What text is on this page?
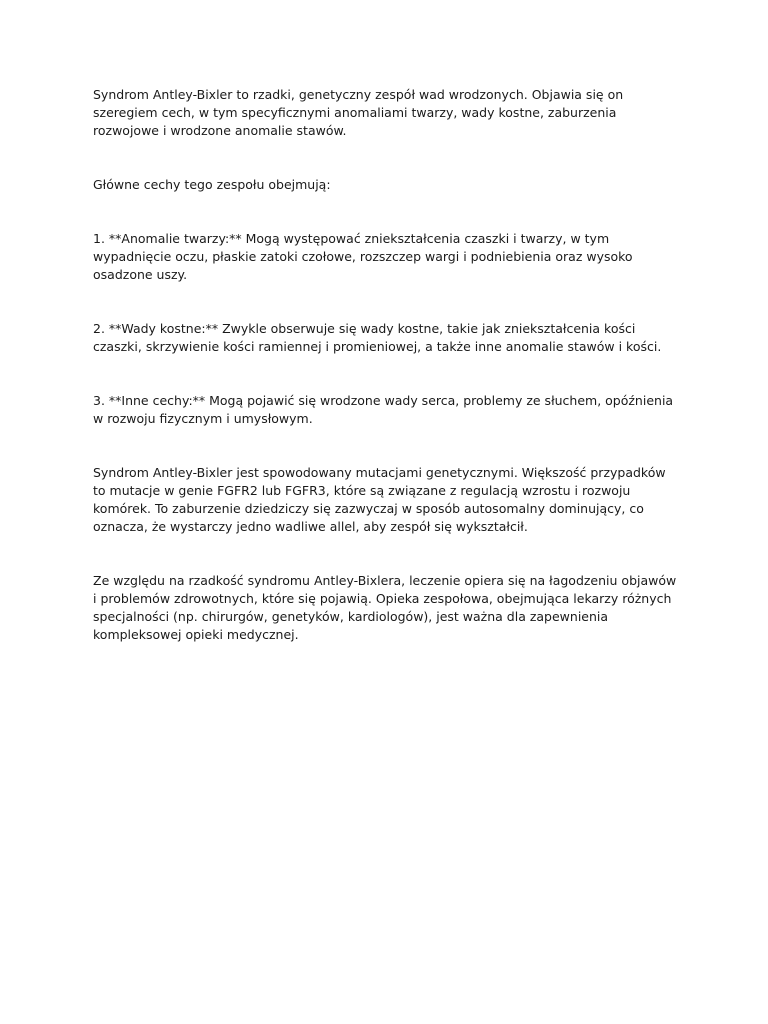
Syndrom Antley-Bixler to rzadki, genetyczny zespół wad wrodzonych. Objawia się on szeregiem cech, w tym specyficznymi anomaliami twarzy, wady kostne, zaburzenia rozwojowe i wrodzone anomalie stawów.

Główne cechy tego zespołu obejmują:

1. **Anomalie twarzy:** Mogą występować zniekształcenia czaszki i twarzy, w tym wypadnięcie oczu, płaskie zatoki czołowe, rozszczep wargi i podniebienia oraz wysoko osadzone uszy.

2. **Wady kostne:** Zwykle obserwuje się wady kostne, takie jak zniekształcenia kości czaszki, skrzywienie kości ramiennej i promieniowej, a także inne anomalie stawów i kości.

3. **Inne cechy:** Mogą pojawić się wrodzone wady serca, problemy ze słuchem, opóźnienia w rozwoju fizycznym i umysłowym.

Syndrom Antley-Bixler jest spowodowany mutacjami genetycznymi. Większość przypadków to mutacje w genie FGFR2 lub FGFR3, które są związane z regulacją wzrostu i rozwoju komórek. To zaburzenie dziedziczy się zazwyczaj w sposób autosomalny dominujący, co oznacza, że wystarczy jedno wadliwe allel, aby zespół się wykształcił.

Ze względu na rzadkość syndromu Antley-Bixlera, leczenie opiera się na łagodzeniu objawów i problemów zdrowotnych, które się pojawią. Opieka zespołowa, obejmująca lekarzy różnych specjalności (np. chirurgów, genetyków, kardiologów), jest ważna dla zapewnienia kompleksowej opieki medycznej.
